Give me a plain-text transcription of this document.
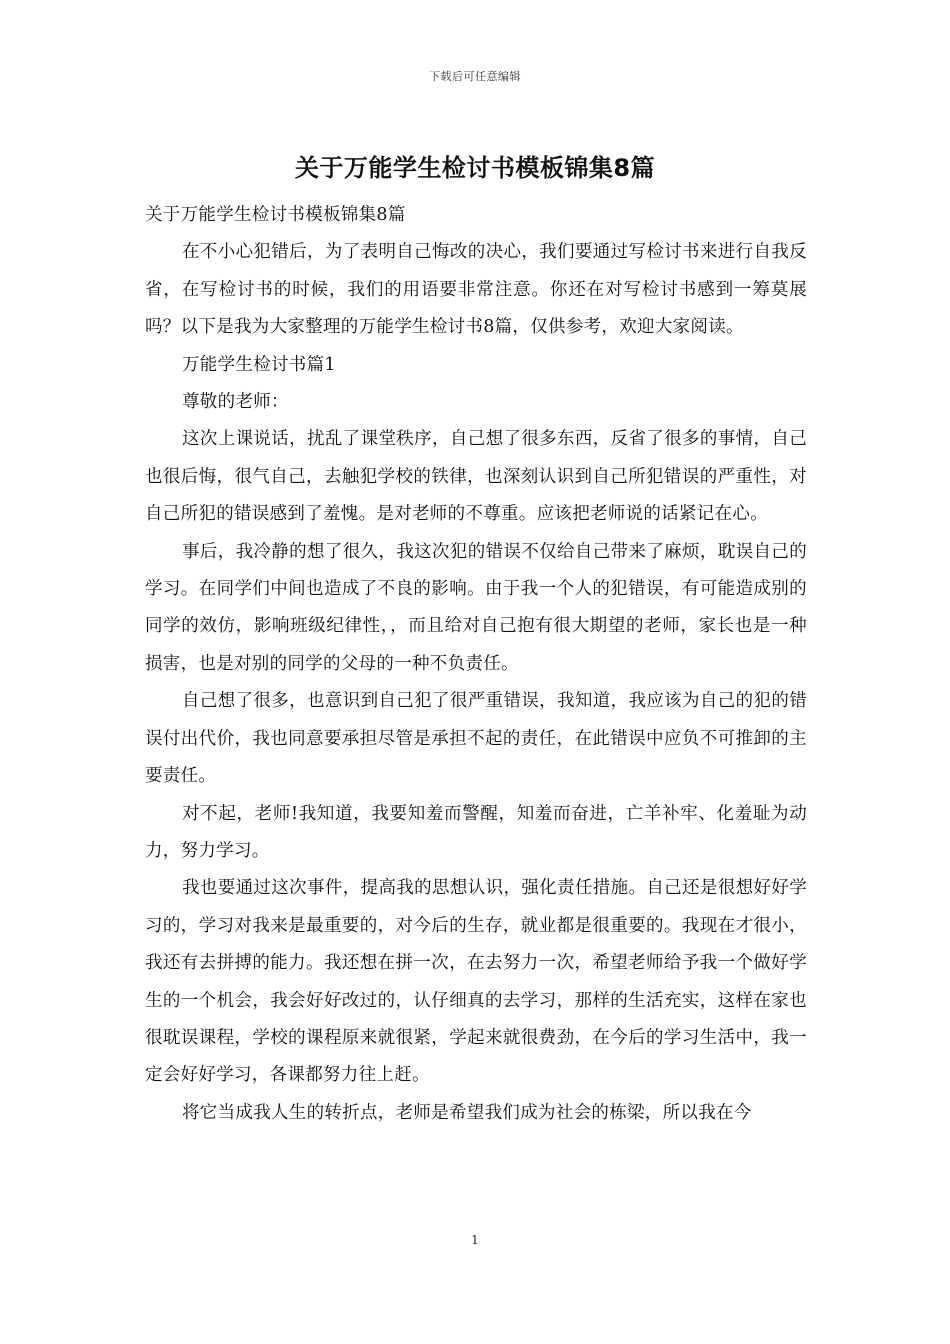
下载后可任意编辑
关于万能学生检讨书模板锦集8篇

关于万能学生检讨书模板锦集8篇

在不小心犯错后，为了表明自己悔改的决心，我们要通过写检讨书来进行自我反省，在写检讨书的时候，我们的用语要非常注意。你还在对写检讨书感到一筹莫展吗？以下是我为大家整理的万能学生检讨书8篇，仅供参考，欢迎大家阅读。

万能学生检讨书篇1

尊敬的老师：

这次上课说话，扰乱了课堂秩序，自己想了很多东西，反省了很多的事情，自己也很后悔，很气自己，去触犯学校的铁律，也深刻认识到自己所犯错误的严重性，对自己所犯的错误感到了羞愧。是对老师的不尊重。应该把老师说的话紧记在心。

事后，我冷静的想了很久，我这次犯的错误不仅给自己带来了麻烦，耽误自己的学习。在同学们中间也造成了不良的影响。由于我一个人的犯错误，有可能造成别的同学的效仿，影响班级纪律性，，而且给对自己抱有很大期望的老师，家长也是一种损害，也是对别的同学的父母的一种不负责任。

自己想了很多，也意识到自己犯了很严重错误，我知道，我应该为自己的犯的错误付出代价，我也同意要承担尽管是承担不起的责任，在此错误中应负不可推卸的主要责任。

对不起，老师!我知道，我要知羞而警醒，知羞而奋进，亡羊补牢、化羞耻为动力，努力学习。

我也要通过这次事件，提高我的思想认识，强化责任措施。自己还是很想好好学习的，学习对我来是最重要的，对今后的生存，就业都是很重要的。我现在才很小，我还有去拼搏的能力。我还想在拼一次，在去努力一次，希望老师给予我一个做好学生的一个机会，我会好好改过的，认仔细真的去学习，那样的生活充实，这样在家也很耽误课程，学校的课程原来就很紧，学起来就很费劲，在今后的学习生活中，我一定会好好学习，各课都努力往上赶。

将它当成我人生的转折点，老师是希望我们成为社会的栋梁，所以我在今

1
